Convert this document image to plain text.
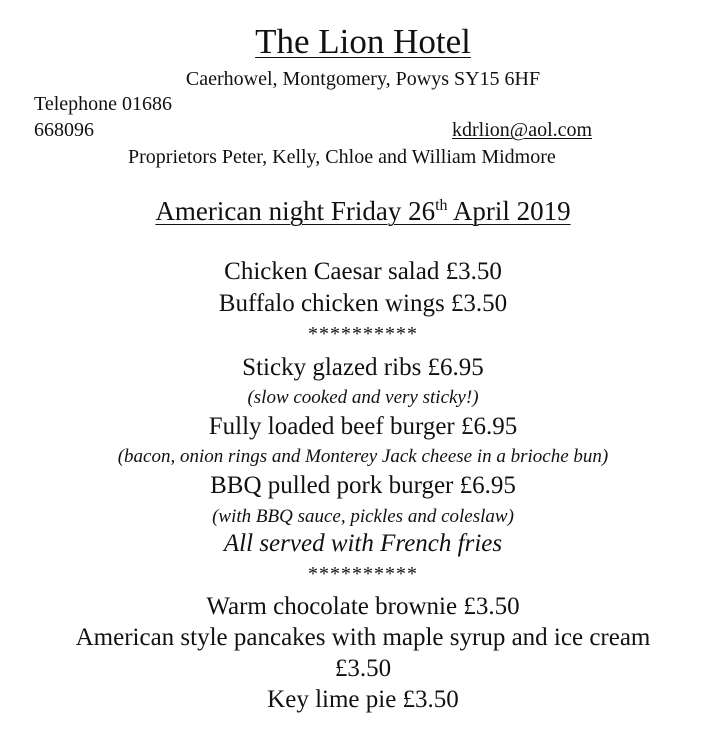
The Lion Hotel
Caerhowel, Montgomery, Powys SY15 6HF
Telephone 01686
668096	kdrlion@aol.com
Proprietors Peter, Kelly, Chloe and William Midmore
American night Friday 26th April 2019
Chicken Caesar salad £3.50
Buffalo chicken wings £3.50
**********
Sticky glazed ribs £6.95
(slow cooked and very sticky!)
Fully loaded beef burger £6.95
(bacon, onion rings and Monterey Jack cheese in a brioche bun)
BBQ pulled pork burger £6.95
(with BBQ sauce, pickles and coleslaw)
All served with French fries
**********
Warm chocolate brownie £3.50
American style pancakes with maple syrup and ice cream
£3.50
Key lime pie £3.50
